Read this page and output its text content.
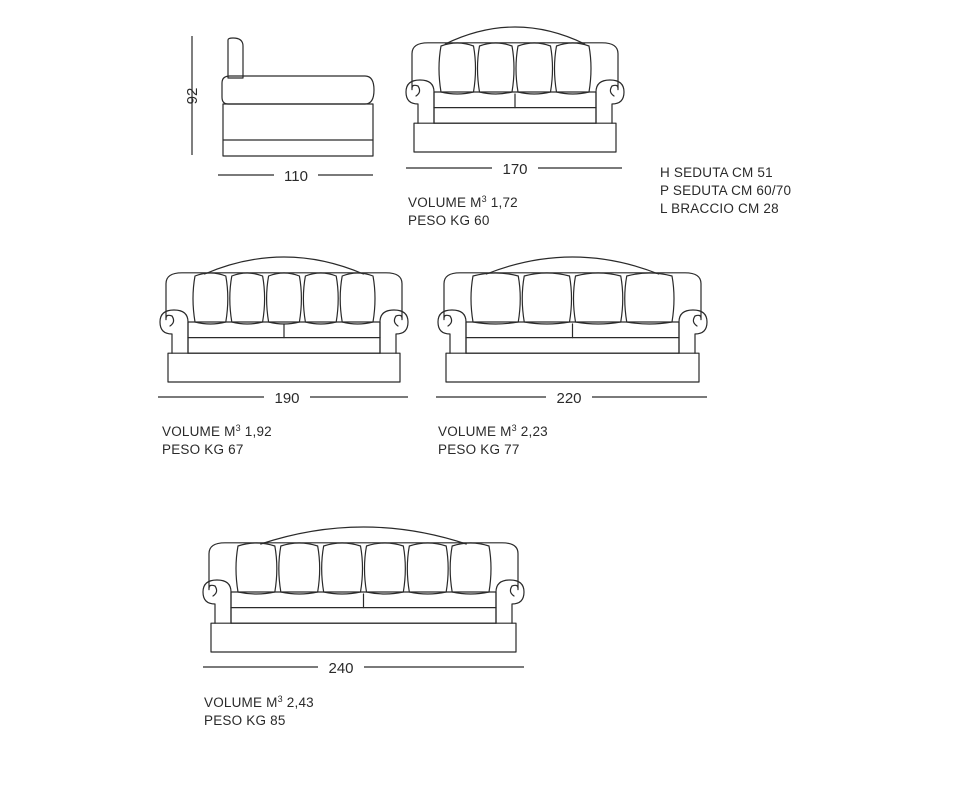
92
110	170
190	220
240
H SEDUTA CM 51
P SEDUTA CM 60/70
L BRACCIO CM 28
VOLUME $M^3$ 1,72
PESO KG 60
VOLUME $M^3$ 1,92
PESO KG 67
VOLUME $M^3$ 2,23
PESO KG 77
VOLUME $M^3$ 2,43
PESO KG 85
